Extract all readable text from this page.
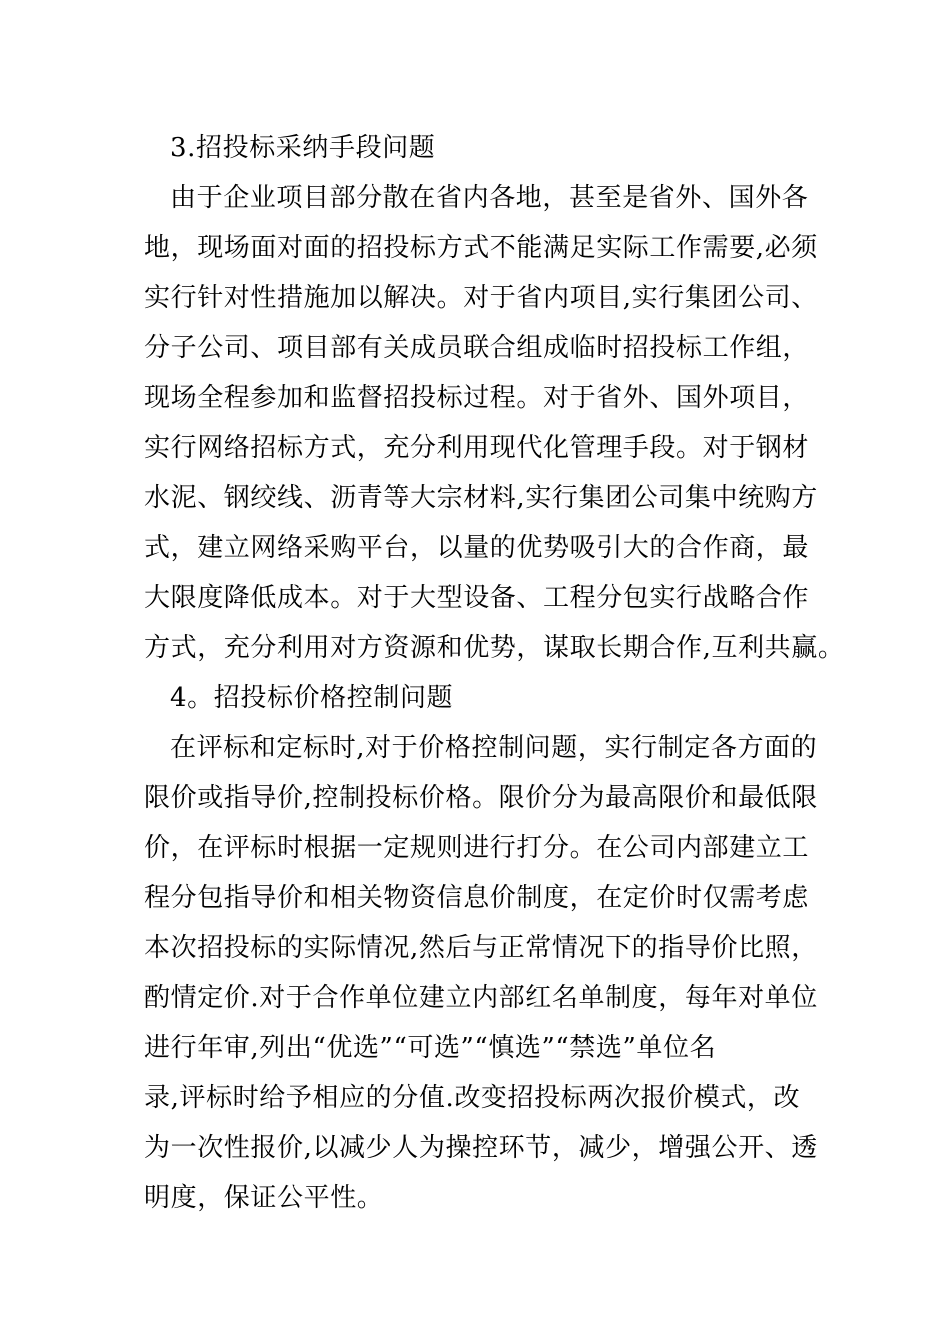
3.招投标采纳手段问题
由于企业项目部分散在省内各地，甚至是省外、国外各
地，现场面对面的招投标方式不能满足实际工作需要,必须
实行针对性措施加以解决。对于省内项目,实行集团公司、
分子公司、项目部有关成员联合组成临时招投标工作组，
现场全程参加和监督招投标过程。对于省外、国外项目，
实行网络招标方式，充分利用现代化管理手段。对于钢材
水泥、钢绞线、沥青等大宗材料,实行集团公司集中统购方
式，建立网络采购平台，以量的优势吸引大的合作商，最
大限度降低成本。对于大型设备、工程分包实行战略合作
方式，充分利用对方资源和优势，谋取长期合作,互利共赢。
4。招投标价格控制问题
在评标和定标时,对于价格控制问题，实行制定各方面的
限价或指导价,控制投标价格。限价分为最高限价和最低限
价，在评标时根据一定规则进行打分。在公司内部建立工
程分包指导价和相关物资信息价制度，在定价时仅需考虑
本次招投标的实际情况,然后与正常情况下的指导价比照，
酌情定价.对于合作单位建立内部红名单制度，每年对单位
进行年审,列出“优选”“可选”“慎选”“禁选”单位名
录,评标时给予相应的分值.改变招投标两次报价模式，改
为一次性报价,以减少人为操控环节，减少，增强公开、透
明度，保证公平性。
